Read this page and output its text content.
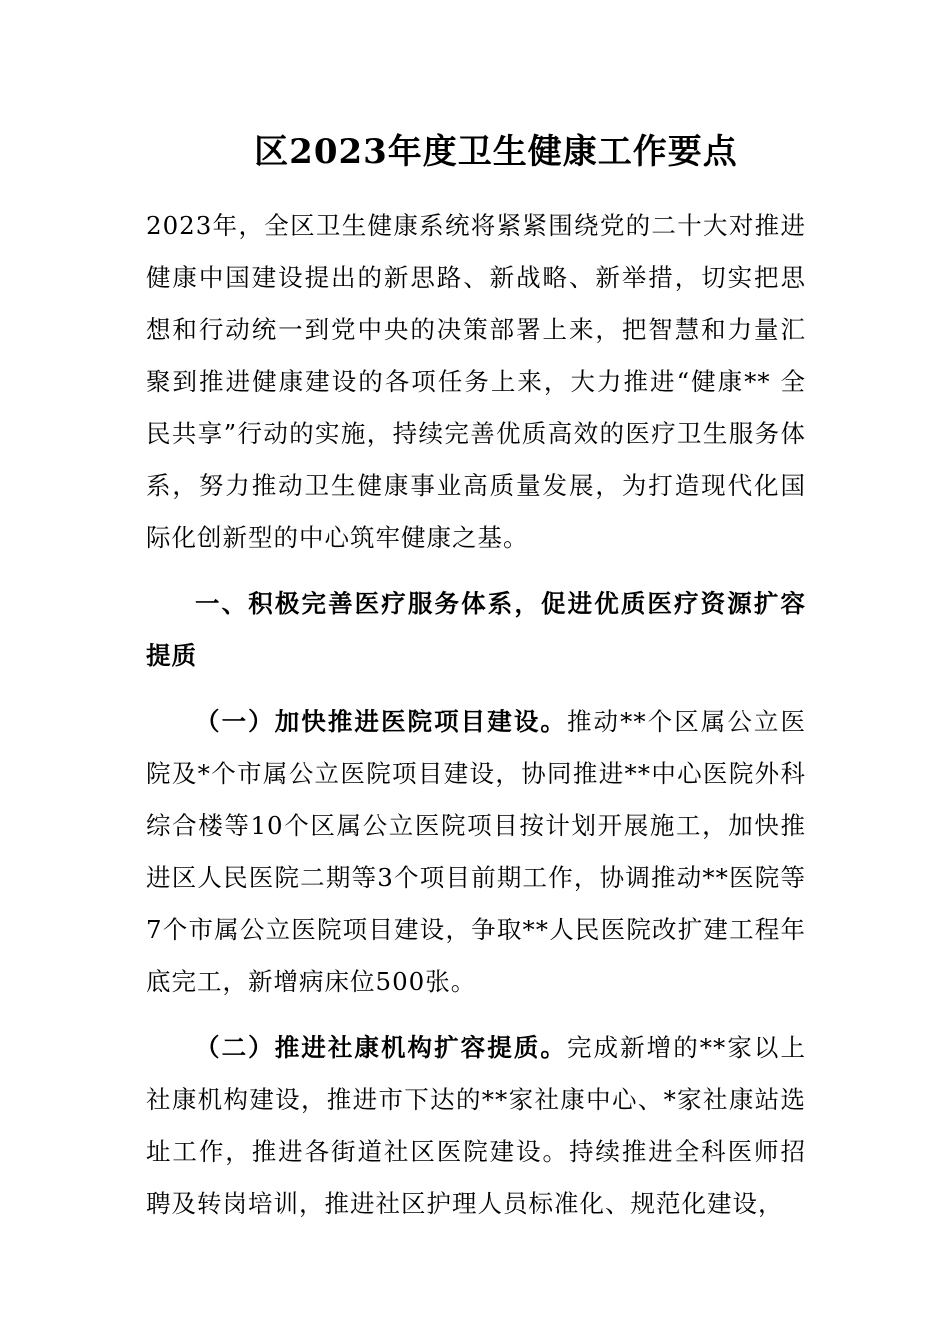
区2023年度卫生健康工作要点

2023年，全区卫生健康系统将紧紧围绕党的二十大对推进健康中国建设提出的新思路、新战略、新举措，切实把思想和行动统一到党中央的决策部署上来，把智慧和力量汇聚到推进健康建设的各项任务上来，大力推进“健康** 全民共享”行动的实施，持续完善优质高效的医疗卫生服务体系，努力推动卫生健康事业高质量发展，为打造现代化国际化创新型的中心筑牢健康之基。

一、积极完善医疗服务体系，促进优质医疗资源扩容提质

（一）加快推进医院项目建设。推动**个区属公立医院及*个市属公立医院项目建设，协同推进**中心医院外科综合楼等10个区属公立医院项目按计划开展施工，加快推进区人民医院二期等3个项目前期工作，协调推动**医院等7个市属公立医院项目建设，争取**人民医院改扩建工程年底完工，新增病床位500张。

（二）推进社康机构扩容提质。完成新增的**家以上社康机构建设，推进市下达的**家社康中心、*家社康站选址工作，推进各街道社区医院建设。持续推进全科医师招聘及转岗培训，推进社区护理人员标准化、规范化建设，
